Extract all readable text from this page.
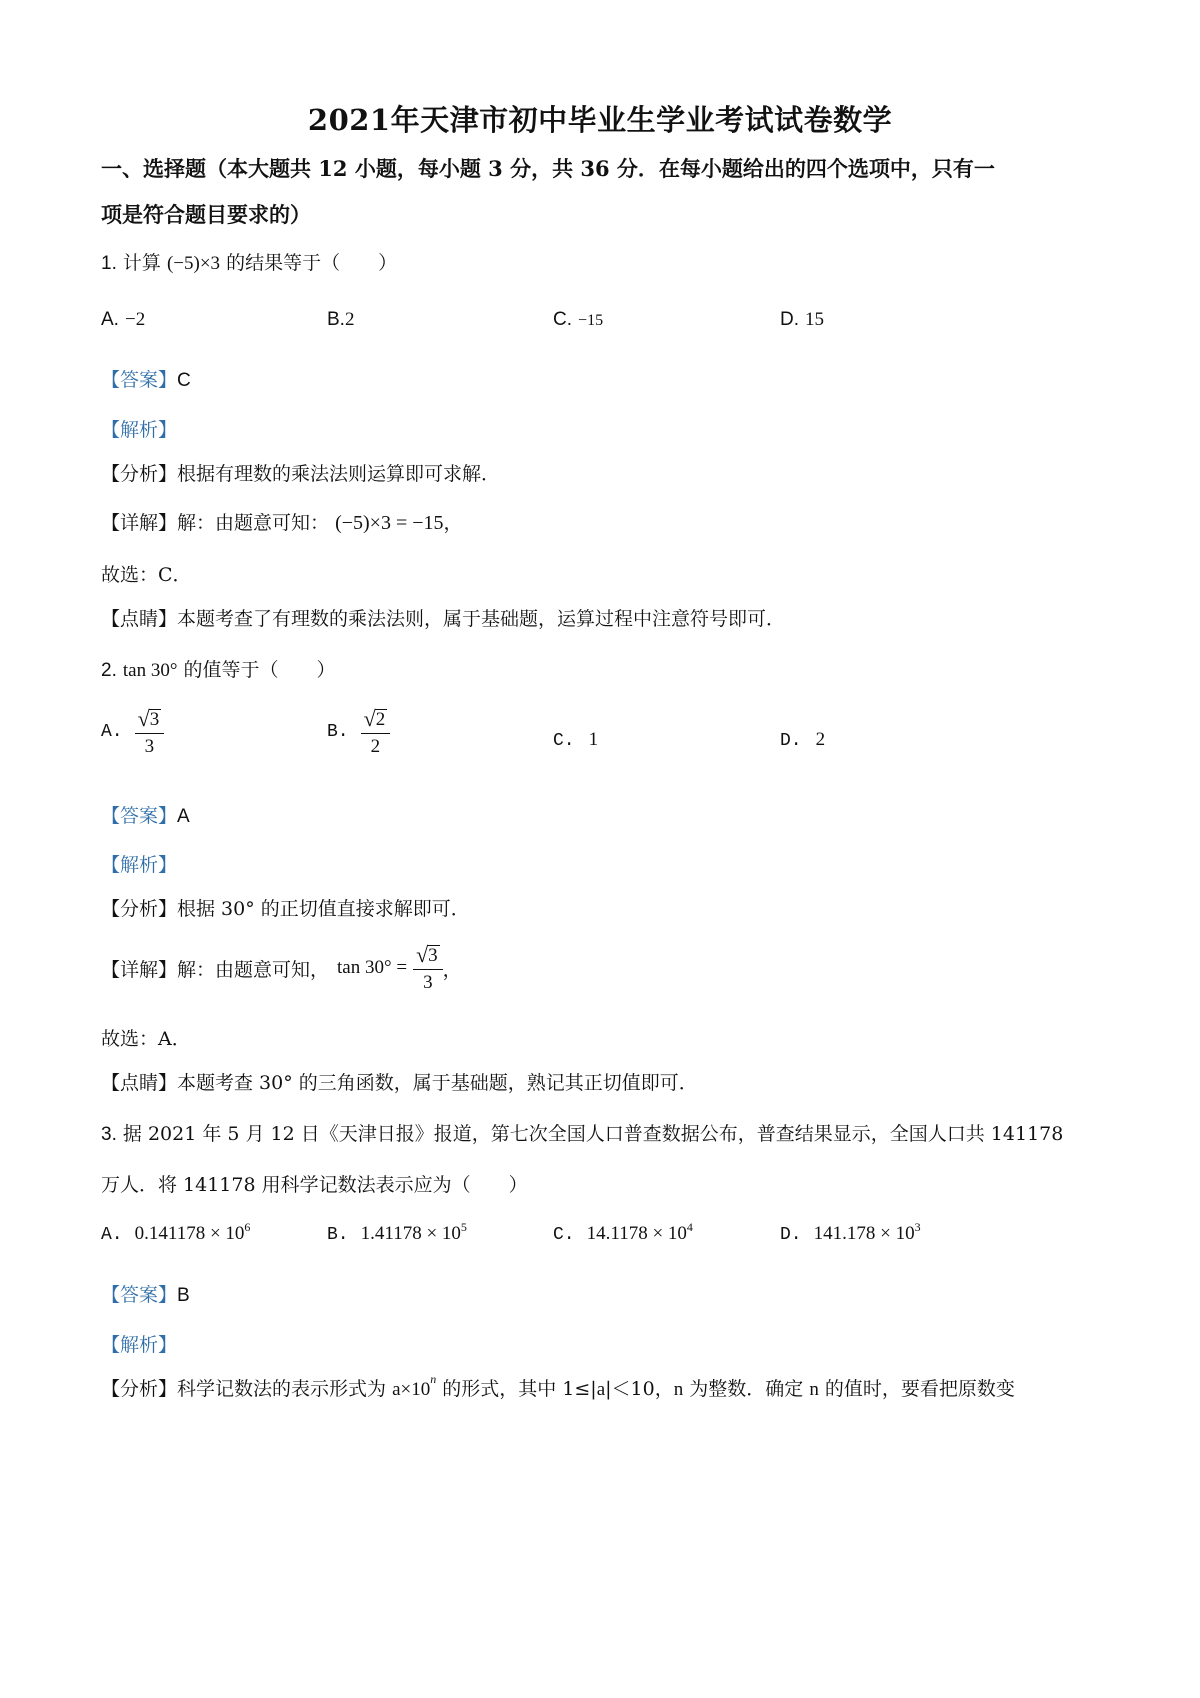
2021年天津市初中毕业生学业考试试卷数学
一、选择题（本大题共 12 小题，每小题 3 分，共 36 分．在每小题给出的四个选项中，只有一
项是符合题目要求的）
1. 计算 (−5)×3 的结果等于（　　）
A. −2	B.2	C. −15	D. 15
【答案】C
【解析】
【分析】根据有理数的乘法法则运算即可求解．
【详解】解：由题意可知： (−5)×3 = −15，
故选：C．
【点睛】本题考查了有理数的乘法法则，属于基础题，运算过程中注意符号即可．
2. tan 30° 的值等于（　　）
A. $\frac{√ 3}{3}$	B. $\frac{√ 2}{2}$	C. 1	D. 2
【答案】A
【解析】
【分析】根据 30° 的正切值直接求解即可．
【详解】 解：由题意可知， $\tan 30^\circ = \frac{√ 3}{3}$ ，
故选：A．
【点睛】本题考查 30° 的三角函数，属于基础题，熟记其正切值即可．
3. 据 2021 年 5 月 12 日《天津日报》报道，第七次全国人口普查数据公布，普查结果显示，全国人口共 141178
万人．将 141178 用科学记数法表示应为（　　）
A. $0.141178 \times 10^6$	B. $1.41178 \times 10^5$	C. $14.1178 \times 10^4$	D. $141.178 \times 10^3$
【答案】B
【解析】
【分析】科学记数法的表示形式为 $a\times 10^n$ 的形式，其中 1≤|a|＜10，n 为整数．确定 n 的值时，要看把原数变
